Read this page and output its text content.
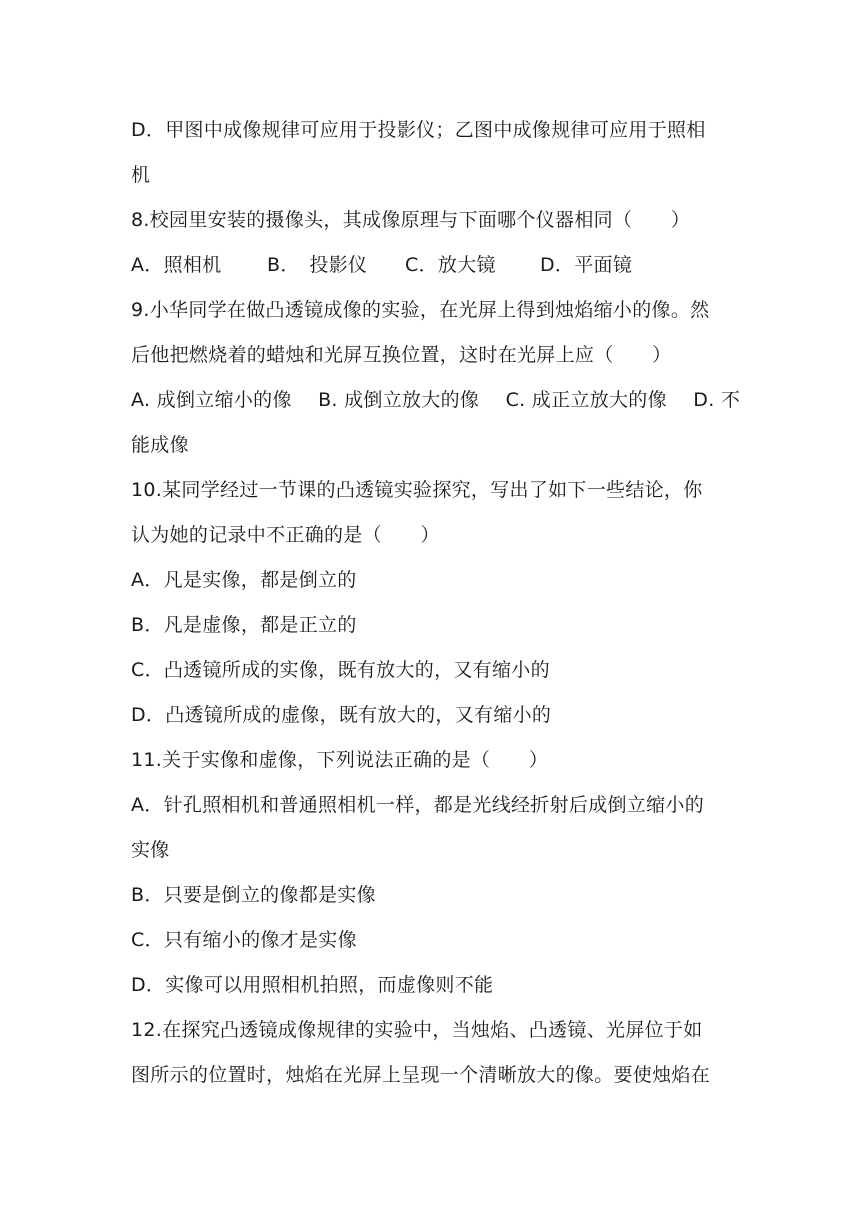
D．甲图中成像规律可应用于投影仪；乙图中成像规律可应用于照相
机
8.校园里安装的摄像头，其成像原理与下面哪个仪器相同（　　）
A．照相机	B．　投影仪	C．放大镜	D．平面镜
9.小华同学在做凸透镜成像的实验，在光屏上得到烛焰缩小的像。然
后他把燃烧着的蜡烛和光屏互换位置，这时在光屏上应（　　）
A. 成倒立缩小的像 B. 成倒立放大的像 C. 成正立放大的像 D. 不
能成像
10.某同学经过一节课的凸透镜实验探究，写出了如下一些结论，你
认为她的记录中不正确的是（　　）
A．凡是实像，都是倒立的
B．凡是虚像，都是正立的
C．凸透镜所成的实像，既有放大的，又有缩小的
D．凸透镜所成的虚像，既有放大的，又有缩小的
11.关于实像和虚像，下列说法正确的是（　　）
A．针孔照相机和普通照相机一样，都是光线经折射后成倒立缩小的
实像
B．只要是倒立的像都是实像
C．只有缩小的像才是实像
D．实像可以用照相机拍照，而虚像则不能
12.在探究凸透镜成像规律的实验中，当烛焰、凸透镜、光屏位于如
图所示的位置时，烛焰在光屏上呈现一个清晰放大的像。要使烛焰在
